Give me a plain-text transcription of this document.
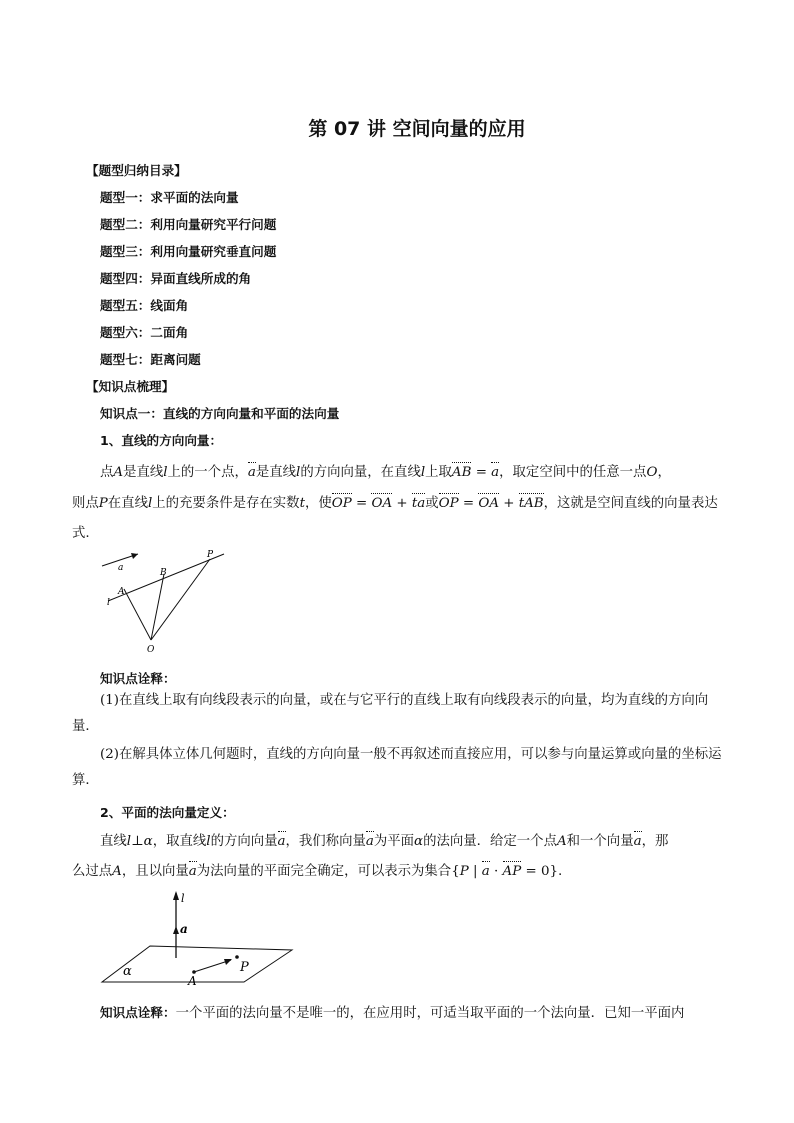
第 07 讲 空间向量的应用
【题型归纳目录】
题型一：求平面的法向量
题型二：利用向量研究平行问题
题型三：利用向量研究垂直问题
题型四：异面直线所成的角
题型五：线面角
题型六：二面角
题型七：距离问题
【知识点梳理】
知识点一：直线的方向向量和平面的法向量
1、直线的方向向量：
点A是直线l上的一个点，a是直线l的方向向量，在直线l上取AB = a，取定空间中的任意一点O，
则点P在直线l上的充要条件是存在实数t，使OP = OA + ta或OP = OA + tAB，这就是空间直线的向量表达
式.
a
A
B
P
l
O
知识点诠释：
(1)在直线上取有向线段表示的向量，或在与它平行的直线上取有向线段表示的向量，均为直线的方向向量．
(2)在解具体立体几何题时，直线的方向向量一般不再叙述而直接应用，可以参与向量运算或向量的坐标运算．
2、平面的法向量定义：
直线l⊥α，取直线l的方向向量a，我们称向量a为平面α的法向量．给定一个点A和一个向量a，那
么过点A，且以向量a为法向量的平面完全确定，可以表示为集合{P | a · AP = 0}.
l
a
α
A
P
知识点诠释：一个平面的法向量不是唯一的，在应用时，可适当取平面的一个法向量．已知一平面内
